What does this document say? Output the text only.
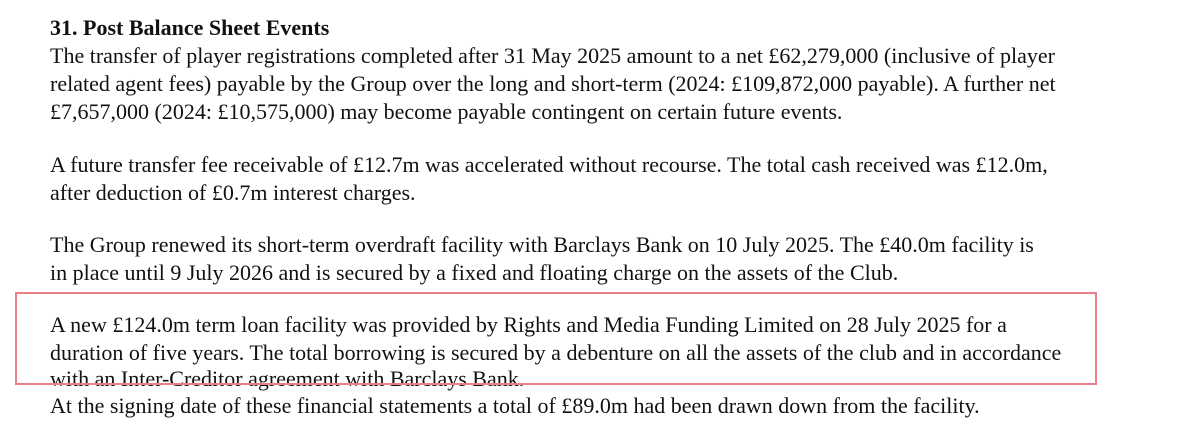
31. Post Balance Sheet Events
The transfer of player registrations completed after 31 May 2025 amount to a net £62,279,000 (inclusive of player
related agent fees) payable by the Group over the long and short-term (2024: £109,872,000 payable). A further net
£7,657,000 (2024: £10,575,000) may become payable contingent on certain future events.
A future transfer fee receivable of £12.7m was accelerated without recourse. The total cash received was £12.0m,
after deduction of £0.7m interest charges.
The Group renewed its short-term overdraft facility with Barclays Bank on 10 July 2025. The £40.0m facility is
in place until 9 July 2026 and is secured by a fixed and floating charge on the assets of the Club.
A new £124.0m term loan facility was provided by Rights and Media Funding Limited on 28 July 2025 for a
duration of five years. The total borrowing is secured by a debenture on all the assets of the club and in accordance
with an Inter-Creditor agreement with Barclays Bank.
At the signing date of these financial statements a total of £89.0m had been drawn down from the facility.
